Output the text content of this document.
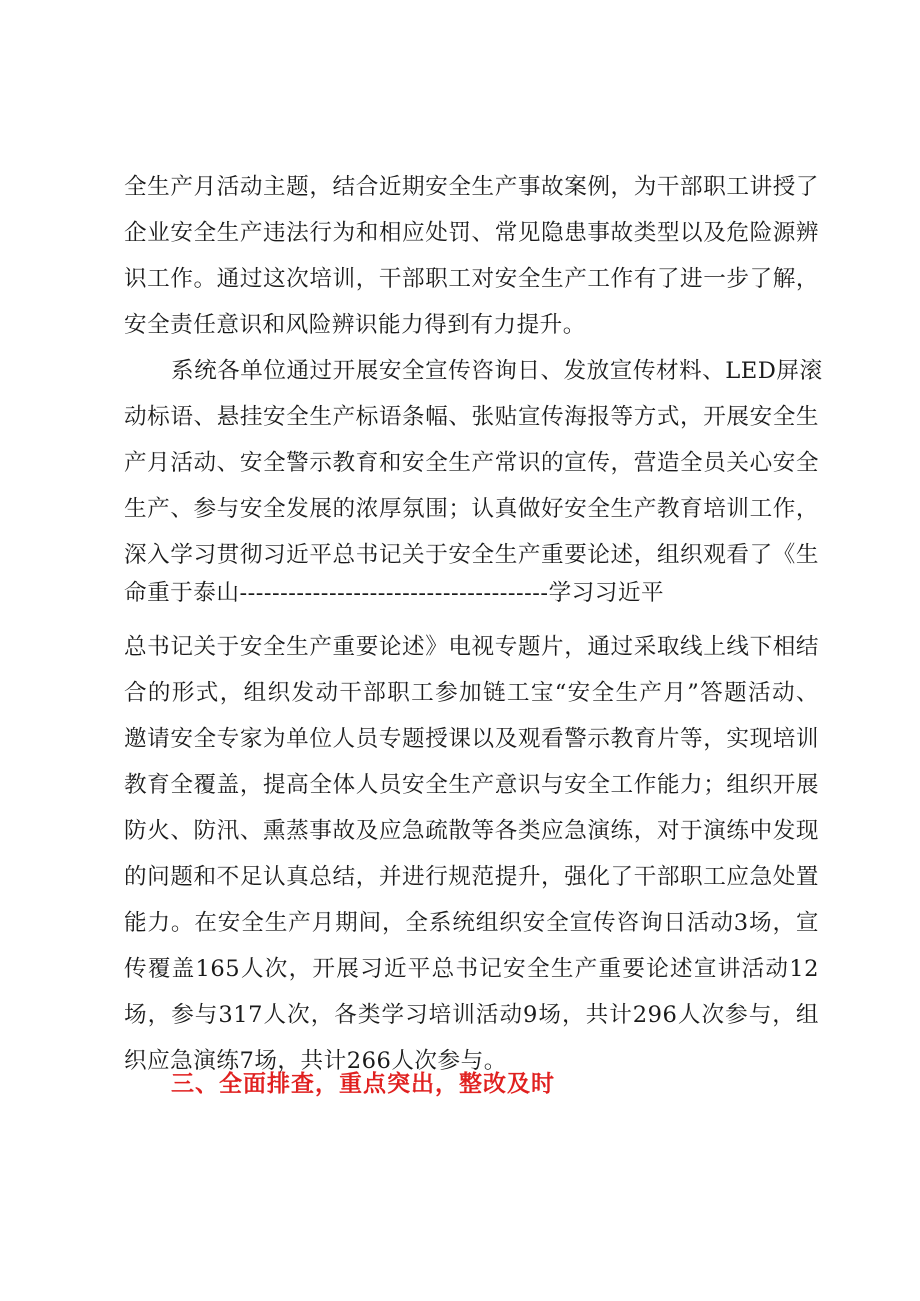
全生产月活动主题，结合近期安全生产事故案例，为干部职工讲授了
企业安全生产违法行为和相应处罚、常见隐患事故类型以及危险源辨
识工作。通过这次培训，干部职工对安全生产工作有了进一步了解，
安全责任意识和风险辨识能力得到有力提升。
系统各单位通过开展安全宣传咨询日、发放宣传材料、LED屏滚
动标语、悬挂安全生产标语条幅、张贴宣传海报等方式，开展安全生
产月活动、安全警示教育和安全生产常识的宣传，营造全员关心安全
生产、参与安全发展的浓厚氛围；认真做好安全生产教育培训工作，
深入学习贯彻习近平总书记关于安全生产重要论述，组织观看了《生
命重于泰山--------------------------------------学习习近平
总书记关于安全生产重要论述》电视专题片，通过采取线上线下相结
合的形式，组织发动干部职工参加链工宝“安全生产月”答题活动、
邀请安全专家为单位人员专题授课以及观看警示教育片等，实现培训
教育全覆盖，提高全体人员安全生产意识与安全工作能力；组织开展
防火、防汛、熏蒸事故及应急疏散等各类应急演练，对于演练中发现
的问题和不足认真总结，并进行规范提升，强化了干部职工应急处置
能力。在安全生产月期间，全系统组织安全宣传咨询日活动3场，宣
传覆盖165人次，开展习近平总书记安全生产重要论述宣讲活动12
场，参与317人次，各类学习培训活动9场，共计296人次参与，组
织应急演练7场，共计266人次参与。
三、全面排查，重点突出，整改及时
